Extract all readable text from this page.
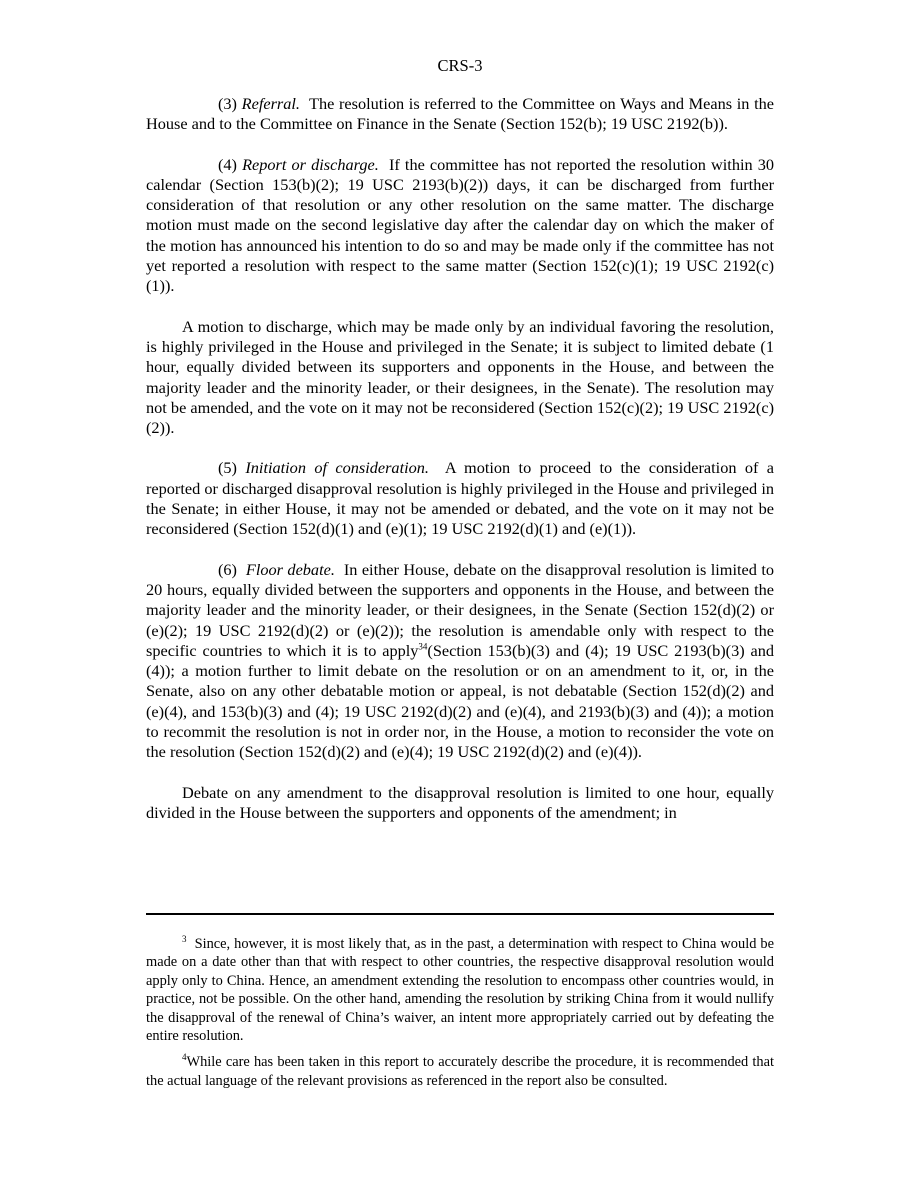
CRS-3

(3) Referral. The resolution is referred to the Committee on Ways and Means in the House and to the Committee on Finance in the Senate (Section 152(b); 19 USC 2192(b)).

(4) Report or discharge. If the committee has not reported the resolution within 30 calendar (Section 153(b)(2); 19 USC 2193(b)(2)) days, it can be discharged from further consideration of that resolution or any other resolution on the same matter. The discharge motion must made on the second legislative day after the calendar day on which the maker of the motion has announced his intention to do so and may be made only if the committee has not yet reported a resolution with respect to the same matter (Section 152(c)(1); 19 USC 2192(c)(1)).

A motion to discharge, which may be made only by an individual favoring the resolution, is highly privileged in the House and privileged in the Senate; it is subject to limited debate (1 hour, equally divided between its supporters and opponents in the House, and between the majority leader and the minority leader, or their designees, in the Senate). The resolution may not be amended, and the vote on it may not be reconsidered (Section 152(c)(2); 19 USC 2192(c)(2)).

(5) Initiation of consideration. A motion to proceed to the consideration of a reported or discharged disapproval resolution is highly privileged in the House and privileged in the Senate; in either House, it may not be amended or debated, and the vote on it may not be reconsidered (Section 152(d)(1) and (e)(1); 19 USC 2192(d)(1) and (e)(1)).

(6) Floor debate. In either House, debate on the disapproval resolution is limited to 20 hours, equally divided between the supporters and opponents in the House, and between the majority leader and the minority leader, or their designees, in the Senate (Section 152(d)(2) or (e)(2); 19 USC 2192(d)(2) or (e)(2)); the resolution is amendable only with respect to the specific countries to which it is to apply$^{34}$(Section 153(b)(3) and (4); 19 USC 2193(b)(3) and (4)); a motion further to limit debate on the resolution or on an amendment to it, or, in the Senate, also on any other debatable motion or appeal, is not debatable (Section 152(d)(2) and (e)(4), and 153(b)(3) and (4); 19 USC 2192(d)(2) and (e)(4), and 2193(b)(3) and (4)); a motion to recommit the resolution is not in order nor, in the House, a motion to reconsider the vote on the resolution (Section 152(d)(2) and (e)(4); 19 USC 2192(d)(2) and (e)(4)).

Debate on any amendment to the disapproval resolution is limited to one hour, equally divided in the House between the supporters and opponents of the amendment; in

$^3$ Since, however, it is most likely that, as in the past, a determination with respect to China would be made on a date other than that with respect to other countries, the respective disapproval resolution would apply only to China. Hence, an amendment extending the resolution to encompass other countries would, in practice, not be possible. On the other hand, amending the resolution by striking China from it would nullify the disapproval of the renewal of China’s waiver, an intent more appropriately carried out by defeating the entire resolution.

$^4$While care has been taken in this report to accurately describe the procedure, it is recommended that the actual language of the relevant provisions as referenced in the report also be consulted.
